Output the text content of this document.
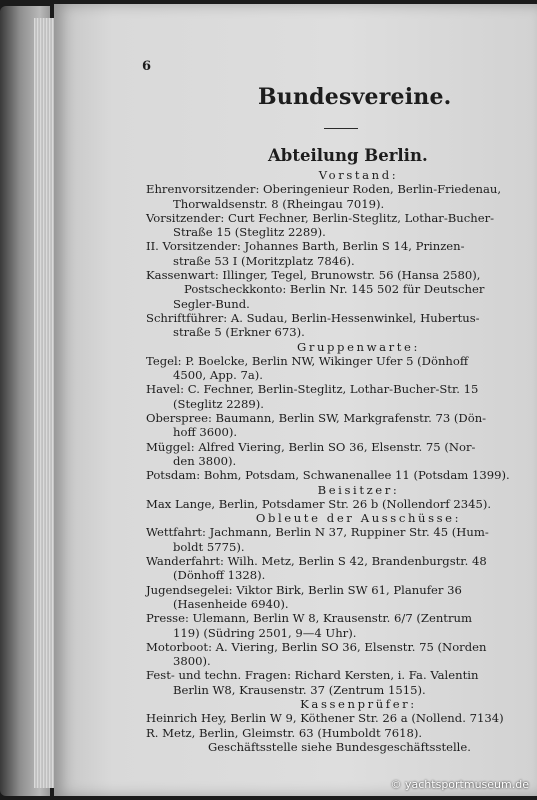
6
Bundesvereine.
Abteilung Berlin.
Vorstand:
Ehrenvorsitzender: Oberingenieur Roden, Berlin-Friedenau,
Thorwaldsenstr. 8 (Rheingau 7019).
Vorsitzender: Curt Fechner, Berlin-Steglitz, Lothar-Bucher-
Straße 15 (Steglitz 2289).
II. Vorsitzender: Johannes Barth, Berlin S 14, Prinzen-
straße 53 I (Moritzplatz 7846).
Kassenwart: Illinger, Tegel, Brunowstr. 56 (Hansa 2580),
Postscheckkonto: Berlin Nr. 145 502 für Deutscher
Segler-Bund.
Schriftführer: A. Sudau, Berlin-Hessenwinkel, Hubertus-
straße 5 (Erkner 673).
Gruppenwarte:
Tegel: P. Boelcke, Berlin NW, Wikinger Ufer 5 (Dönhoff
4500, App. 7a).
Havel: C. Fechner, Berlin-Steglitz, Lothar-Bucher-Str. 15
(Steglitz 2289).
Oberspree: Baumann, Berlin SW, Markgrafenstr. 73 (Dön-
hoff 3600).
Müggel: Alfred Viering, Berlin SO 36, Elsenstr. 75 (Nor-
den 3800).
Potsdam: Bohm, Potsdam, Schwanenallee 11 (Potsdam 1399).
Beisitzer:
Max Lange, Berlin, Potsdamer Str. 26 b (Nollendorf 2345).
Obleute der Ausschüsse:
Wettfahrt: Jachmann, Berlin N 37, Ruppiner Str. 45 (Hum-
boldt 5775).
Wanderfahrt: Wilh. Metz, Berlin S 42, Brandenburgstr. 48
(Dönhoff 1328).
Jugendsegelei: Viktor Birk, Berlin SW 61, Planufer 36
(Hasenheide 6940).
Presse: Ulemann, Berlin W 8, Krausenstr. 6/7 (Zentrum
119) (Südring 2501, 9—4 Uhr).
Motorboot: A. Viering, Berlin SO 36, Elsenstr. 75 (Norden
3800).
Fest- und techn. Fragen: Richard Kersten, i. Fa. Valentin
Berlin W8, Krausenstr. 37 (Zentrum 1515).
Kassenprüfer:
Heinrich Hey, Berlin W 9, Köthener Str. 26 a (Nollend. 7134)
R. Metz, Berlin, Gleimstr. 63 (Humboldt 7618).
Geschäftsstelle siehe Bundesgeschäftsstelle.
© yachtsportmuseum.de
